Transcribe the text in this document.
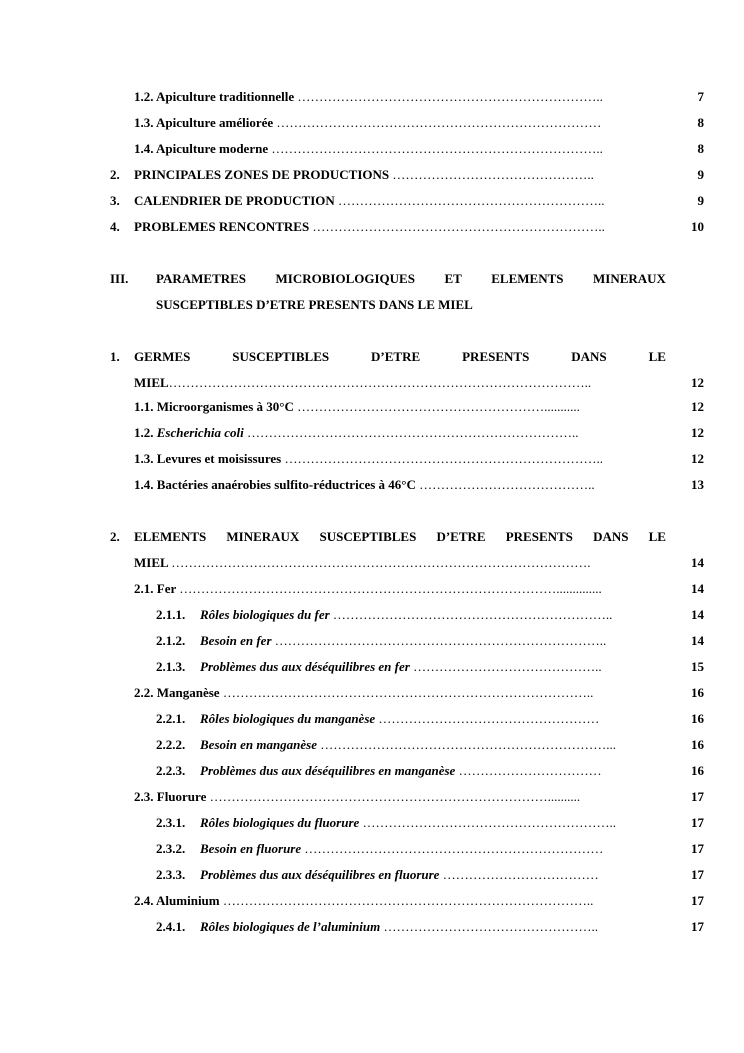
1.2. Apiculture traditionnelle ……………………………………………………………..	7
1.3. Apiculture améliorée …………………………………………………………………	8
1.4. Apiculture moderne …………………………………………………………………..	8
2. PRINCIPALES ZONES DE PRODUCTIONS ………………………………………..	9
3. CALENDRIER DE PRODUCTION ……………………………………………………..	9
4. PROBLEMES RENCONTRES …………………………………………………………..	10
III. PARAMETRES MICROBIOLOGIQUES ET ELEMENTS MINERAUX
SUSCEPTIBLES D’ETRE PRESENTS DANS LE MIEL
1. GERMES	SUSCEPTIBLES	D’ETRE	PRESENTS	DANS	LE
MIEL……………………………………………………………………………………..	12
1.1. Microorganismes à 30°C …………………………………………………...........	12
1.2. Escherichia coli …………………………………………………………………..	12
1.3. Levures et moisissures ………………………………………………………………..	12
1.4. Bactéries anaérobies sulfito-réductrices à 46°C …………………………………..	13
2. ELEMENTS MINERAUX SUSCEPTIBLES D’ETRE PRESENTS DANS LE
MIEL …………………………………………………………………………………….	14
2.1. Fer ……………………………………………………………………………..............	14
2.1.1. Rôles biologiques du fer ………………………………………………………..	14
2.1.2. Besoin en fer …………………………………………………………………..	14
2.1.3. Problèmes dus aux déséquilibres en fer ……………………………………..	15
2.2. Manganèse …………………………………………………………………………..	16
2.2.1. Rôles biologiques du manganèse ……………………………………………	16
2.2.2. Besoin en manganèse …………………………………………………………...	16
2.2.3. Problèmes dus aux déséquilibres en manganèse ……………………………	16
2.3. Fluorure ……………………………………………………………………..........	17
2.3.1. Rôles biologiques du fluorure …………………………………………………..	17
2.3.2. Besoin en fluorure ……………………………………………………………	17
2.3.3. Problèmes dus aux déséquilibres en fluorure ………………………………	17
2.4. Aluminium …………………………………………………………………………..	17
2.4.1. Rôles biologiques de l’aluminium …………………………………………..	17
